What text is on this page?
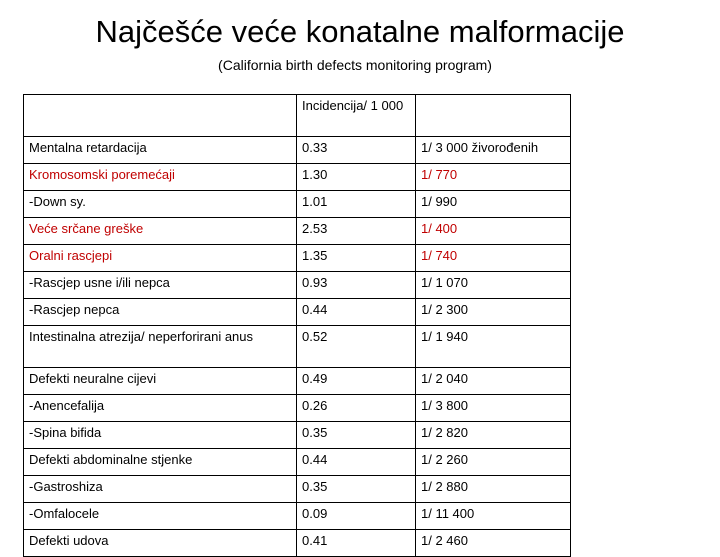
Najčešće veće konatalne malformacije
(California birth defects monitoring program)
	Incidencija/ 1 000	
Mentalna retardacija	0.33	1/ 3 000 živorođenih
Kromosomski poremećaji	1.30	1/ 770
-Down sy.	1.01	1/ 990
Veće srčane greške	2.53	1/ 400
Oralni rascjepi	1.35	1/ 740
-Rascjep usne i/ili nepca	0.93	1/ 1 070
-Rascjep nepca	0.44	1/ 2 300
Intestinalna atrezija/ neperforirani anus	0.52	1/ 1 940
Defekti neuralne cijevi	0.49	1/ 2 040
-Anencefalija	0.26	1/ 3 800
-Spina bifida	0.35	1/ 2 820
Defekti abdominalne stjenke	0.44	1/ 2 260
-Gastroshiza	0.35	1/ 2 880
-Omfalocele	0.09	1/ 11 400
Defekti udova	0.41	1/ 2 460
